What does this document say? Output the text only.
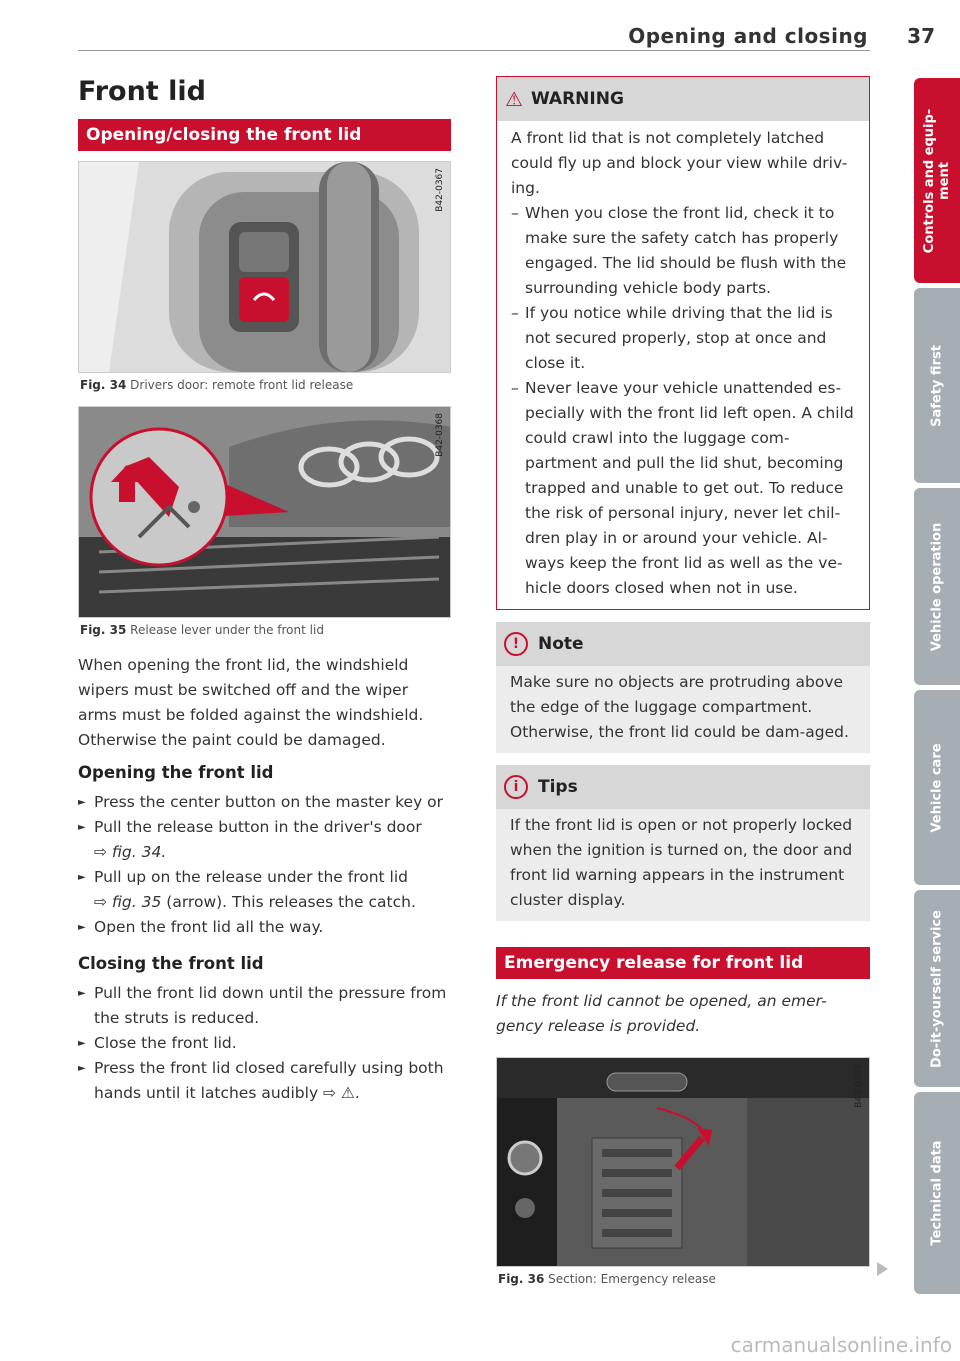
Opening and closing 37
Front lid
Opening/closing the front lid
B42-0367
Fig. 34 Drivers door: remote front lid release
B42-0368
Fig. 35 Release lever under the front lid

When opening the front lid, the windshield wipers must be switched off and the wiper arms must be folded against the windshield. Otherwise the paint could be damaged.

Opening the front lid
► Press the center button on the master key or
► Pull the release button in the driver's door
⇨ fig. 34.
► Pull up on the release under the front lid
⇨ fig. 35 (arrow). This releases the catch.
► Open the front lid all the way.
Closing the front lid
► Pull the front lid down until the pressure from the struts is reduced.
► Close the front lid.
► Press the front lid closed carefully using both hands until it latches audibly ⇨ ⚠.
⚠ WARNING

A front lid that is not completely latched could fly up and block your view while driv-ing.

– When you close the front lid, check it to make sure the safety catch has properly engaged. The lid should be flush with the surrounding vehicle body parts.
– If you notice while driving that the lid is not secured properly, stop at once and close it.
– Never leave your vehicle unattended es-pecially with the front lid left open. A child could crawl into the luggage com-partment and pull the lid shut, becoming trapped and unable to get out. To reduce the risk of personal injury, never let chil-dren play in or around your vehicle. Al-ways keep the front lid as well as the ve-hicle doors closed when not in use.
!	Note

Make sure no objects are protruding above the edge of the luggage compartment. Otherwise, the front lid could be dam-aged.

i	Tips

If the front lid is open or not properly locked when the ignition is turned on, the door and front lid warning appears in the instrument cluster display.

Emergency release for front lid

If the front lid cannot be opened, an emer-gency release is provided.

B42-0369
Fig. 36 Section: Emergency release
Controls and equip-ment
Safety first
Vehicle operation
Vehicle care
Do-it-yourself service
Technical data
carmanualsonline.info
